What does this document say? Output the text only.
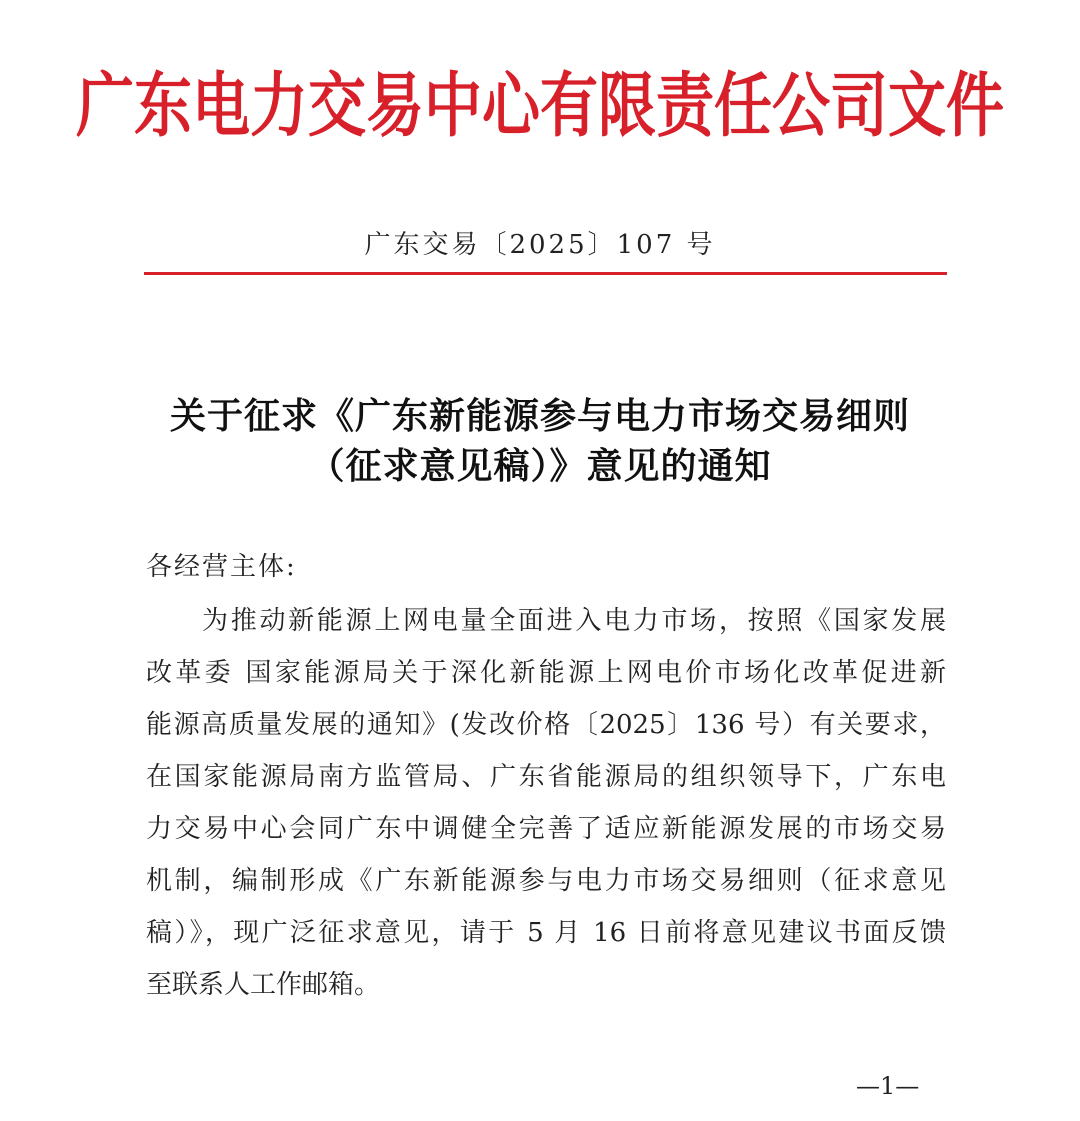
广东电力交易中心有限责任公司文件
广东交易〔2025〕107 号
关于征求《广东新能源参与电力市场交易细则
（征求意见稿）》意见的通知
各经营主体:
为推动新能源上网电量全面进入电力市场，按照《国家发展
改革委 国家能源局关于深化新能源上网电价市场化改革促进新
能源高质量发展的通知》(发改价格〔2025〕136 号）有关要求，
在国家能源局南方监管局、广东省能源局的组织领导下，广东电
力交易中心会同广东中调健全完善了适应新能源发展的市场交易
机制，编制形成《广东新能源参与电力市场交易细则（征求意见
稿）》，现广泛征求意见，请于 5 月 16 日前将意见建议书面反馈
至联系人工作邮箱。
—1—
